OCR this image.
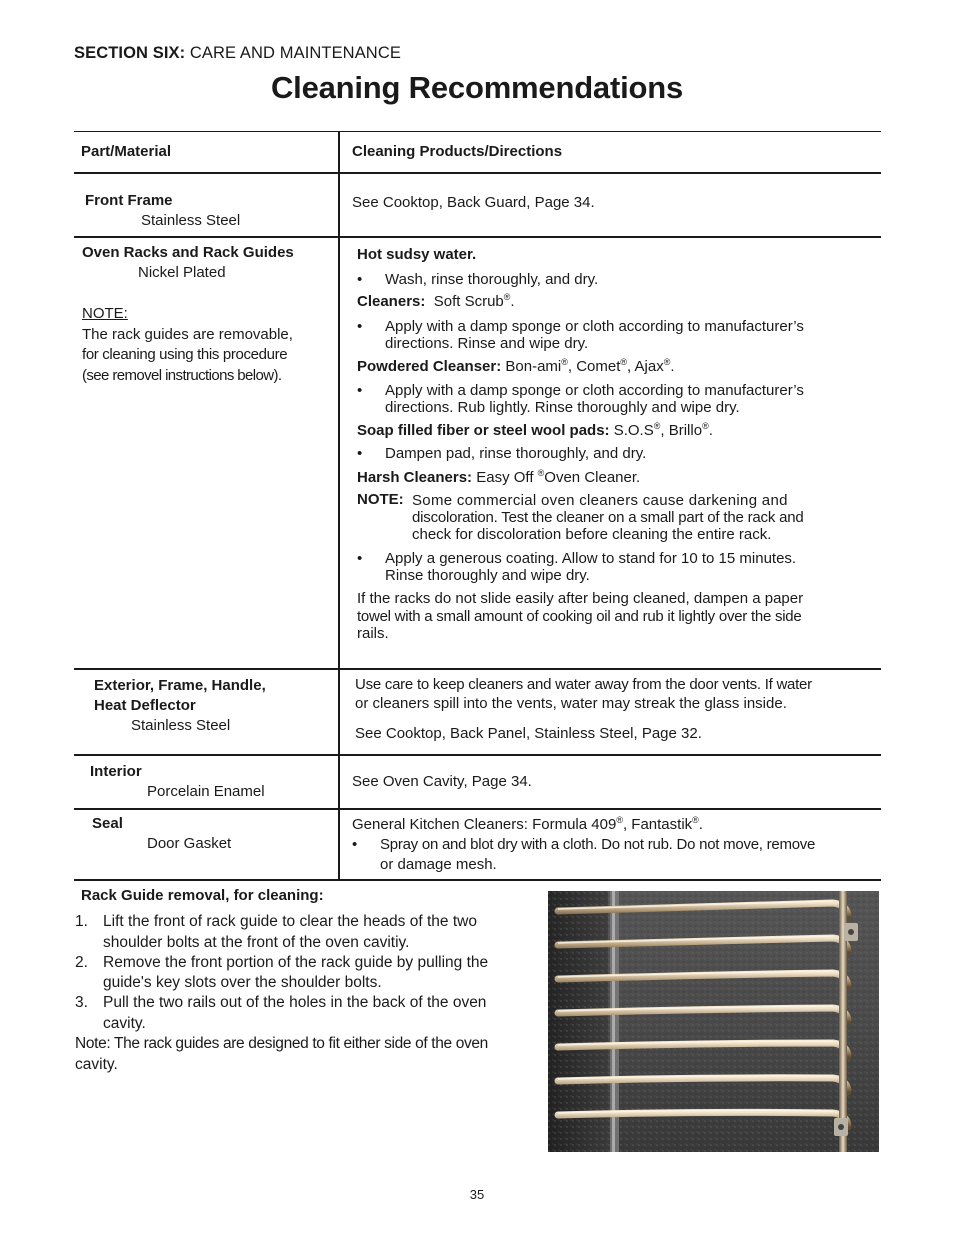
SECTION SIX: CARE AND MAINTENANCE
Cleaning Recommendations
Part/Material	Cleaning Products/Directions
Front Frame
Stainless Steel
See Cooktop, Back Guard, Page 34.
Oven Racks and Rack Guides
Nickel Plated
NOTE:
The rack guides are removable,
for cleaning using this procedure
(see removel instructions below).
Hot sudsy water.
• Wash, rinse thoroughly, and dry.
Cleaners: Soft Scrub®.
• Apply with a damp sponge or cloth according to manufacturer’s
directions. Rinse and wipe dry.
Powdered Cleanser: Bon-ami®, Comet®, Ajax®.
• Apply with a damp sponge or cloth according to manufacturer’s
directions. Rub lightly. Rinse thoroughly and wipe dry.
Soap filled fiber or steel wool pads: S.O.S®, Brillo®.
• Dampen pad, rinse thoroughly, and dry.
Harsh Cleaners: Easy Off ®Oven Cleaner.
NOTE: Some commercial oven cleaners cause darkening and
discoloration. Test the cleaner on a small part of the rack and
check for discoloration before cleaning the entire rack.
• Apply a generous coating. Allow to stand for 10 to 15 minutes.
Rinse thoroughly and wipe dry.
If the racks do not slide easily after being cleaned, dampen a paper
towel with a small amount of cooking oil and rub it lightly over the side
rails.
Exterior, Frame, Handle,
Heat Deflector
Stainless Steel
Use care to keep cleaners and water away from the door vents. If water
or cleaners spill into the vents, water may streak the glass inside.
See Cooktop, Back Panel, Stainless Steel, Page 32.
Interior
Porcelain Enamel
See Oven Cavity, Page 34.
Seal
Door Gasket
General Kitchen Cleaners: Formula 409®, Fantastik®.
• Spray on and blot dry with a cloth. Do not rub. Do not move, remove
or damage mesh.
Rack Guide removal, for cleaning:
1. Lift the front of rack guide to clear the heads of the two
shoulder bolts at the front of the oven cavitiy.
2. Remove the front portion of the rack guide by pulling the
guide's key slots over the shoulder bolts.
3. Pull the two rails out of the holes in the back of the oven
cavity.
Note: The rack guides are designed to fit either side of the oven
cavity.
35
